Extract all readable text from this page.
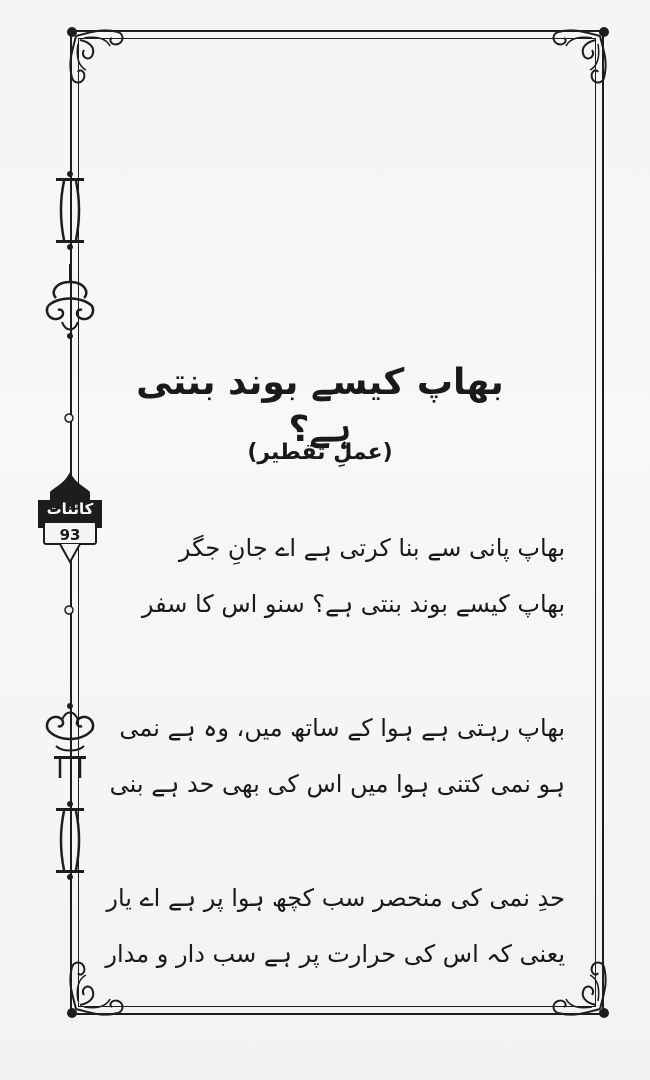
کائنات
93
بھاپ کیسے بوند بنتی ہے؟
(عملِ تقطیر)
بھاپ پانی سے بنا کرتی ہے اے جانِ جگر
بھاپ کیسے بوند بنتی ہے؟ سنو اس کا سفر
بھاپ رہتی ہے ہوا کے ساتھ میں، وہ ہے نمی
ہو نمی کتنی ہوا میں اس کی بھی حد ہے بنی
حدِ نمی کی منحصر سب کچھ ہوا پر ہے اے یار
یعنی کہ اس کی حرارت پر ہے سب دار و مدار
